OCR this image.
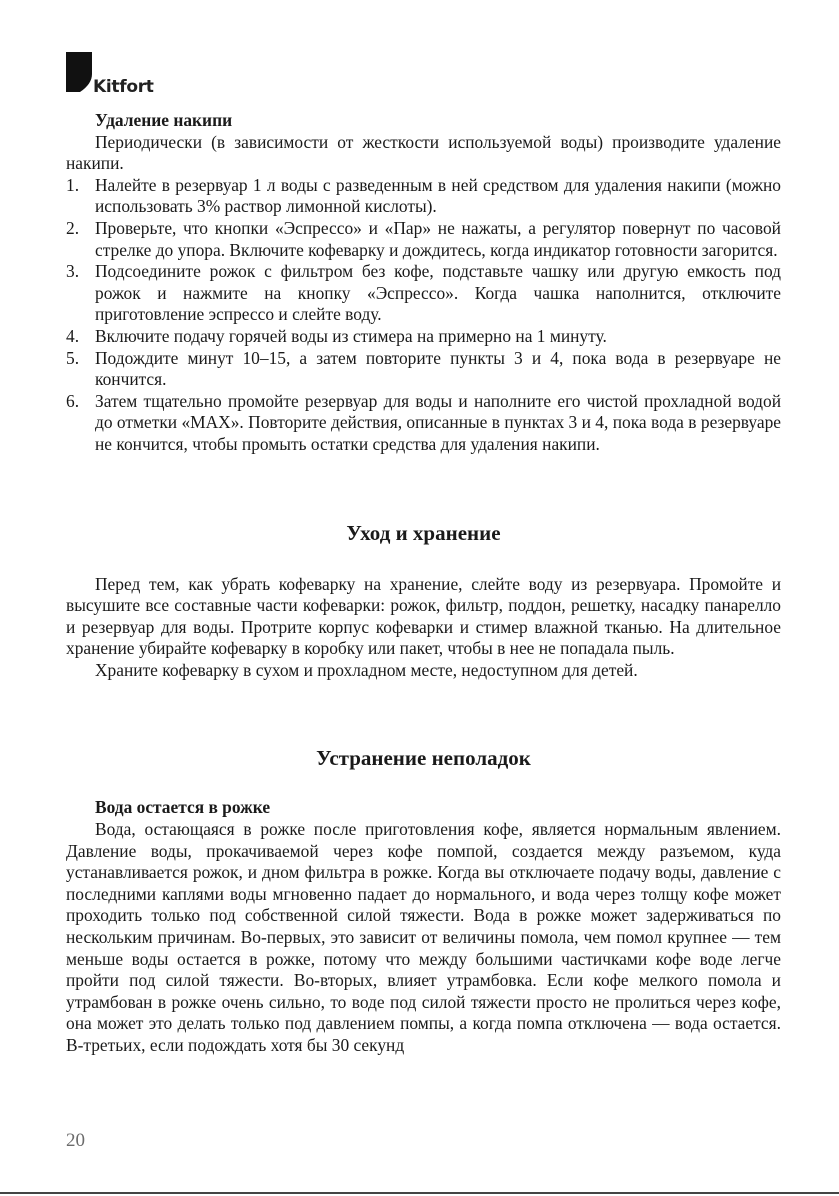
Kitfort

Удаление накипи

Периодически (в зависимости от жесткости используемой воды) производите удаление накипи.

1. Налейте в резервуар 1 л воды с разведенным в ней средством для удаления накипи (можно использовать 3% раствор лимонной кислоты).
2. Проверьте, что кнопки «Эспрессо» и «Пар» не нажаты, а регулятор повернут по часовой стрелке до упора. Включите кофеварку и дождитесь, когда индикатор готовности загорится.
3. Подсоедините рожок с фильтром без кофе, подставьте чашку или другую емкость под рожок и нажмите на кнопку «Эспрессо». Когда чашка наполнится, отключите приготовление эспрессо и слейте воду.
4. Включите подачу горячей воды из стимера на примерно на 1 минуту.
5. Подождите минут 10–15, а затем повторите пункты 3 и 4, пока вода в резервуаре не кончится.
6. Затем тщательно промойте резервуар для воды и наполните его чистой прохладной водой до отметки «MAX». Повторите действия, описанные в пунктах 3 и 4, пока вода в резервуаре не кончится, чтобы промыть остатки средства для удаления накипи.
Уход и хранение

Перед тем, как убрать кофеварку на хранение, слейте воду из резервуара. Промойте и высушите все составные части кофеварки: рожок, фильтр, поддон, решетку, насадку панарелло и резервуар для воды. Протрите корпус кофеварки и стимер влажной тканью. На длительное хранение убирайте кофеварку в коробку или пакет, чтобы в нее не попадала пыль.

Храните кофеварку в сухом и прохладном месте, недоступном для детей.

Устранение неполадок

Вода остается в рожке

Вода, остающаяся в рожке после приготовления кофе, является нормальным явлением. Давление воды, прокачиваемой через кофе помпой, создается между разъемом, куда устанавливается рожок, и дном фильтра в рожке. Когда вы отключаете подачу воды, давление с последними каплями воды мгновенно падает до нормального, и вода через толщу кофе может проходить только под собственной силой тяжести. Вода в рожке может задерживаться по нескольким причинам. Во-первых, это зависит от величины помола, чем помол крупнее — тем меньше воды остается в рожке, потому что между большими частичками кофе воде легче пройти под силой тяжести. Во-вторых, влияет утрамбовка. Если кофе мелкого помола и утрамбован в рожке очень сильно, то воде под силой тяжести просто не пролиться через кофе, она может это делать только под давлением помпы, а когда помпа отключена — вода остается. В-третьих, если подождать хотя бы 30 секунд

20
